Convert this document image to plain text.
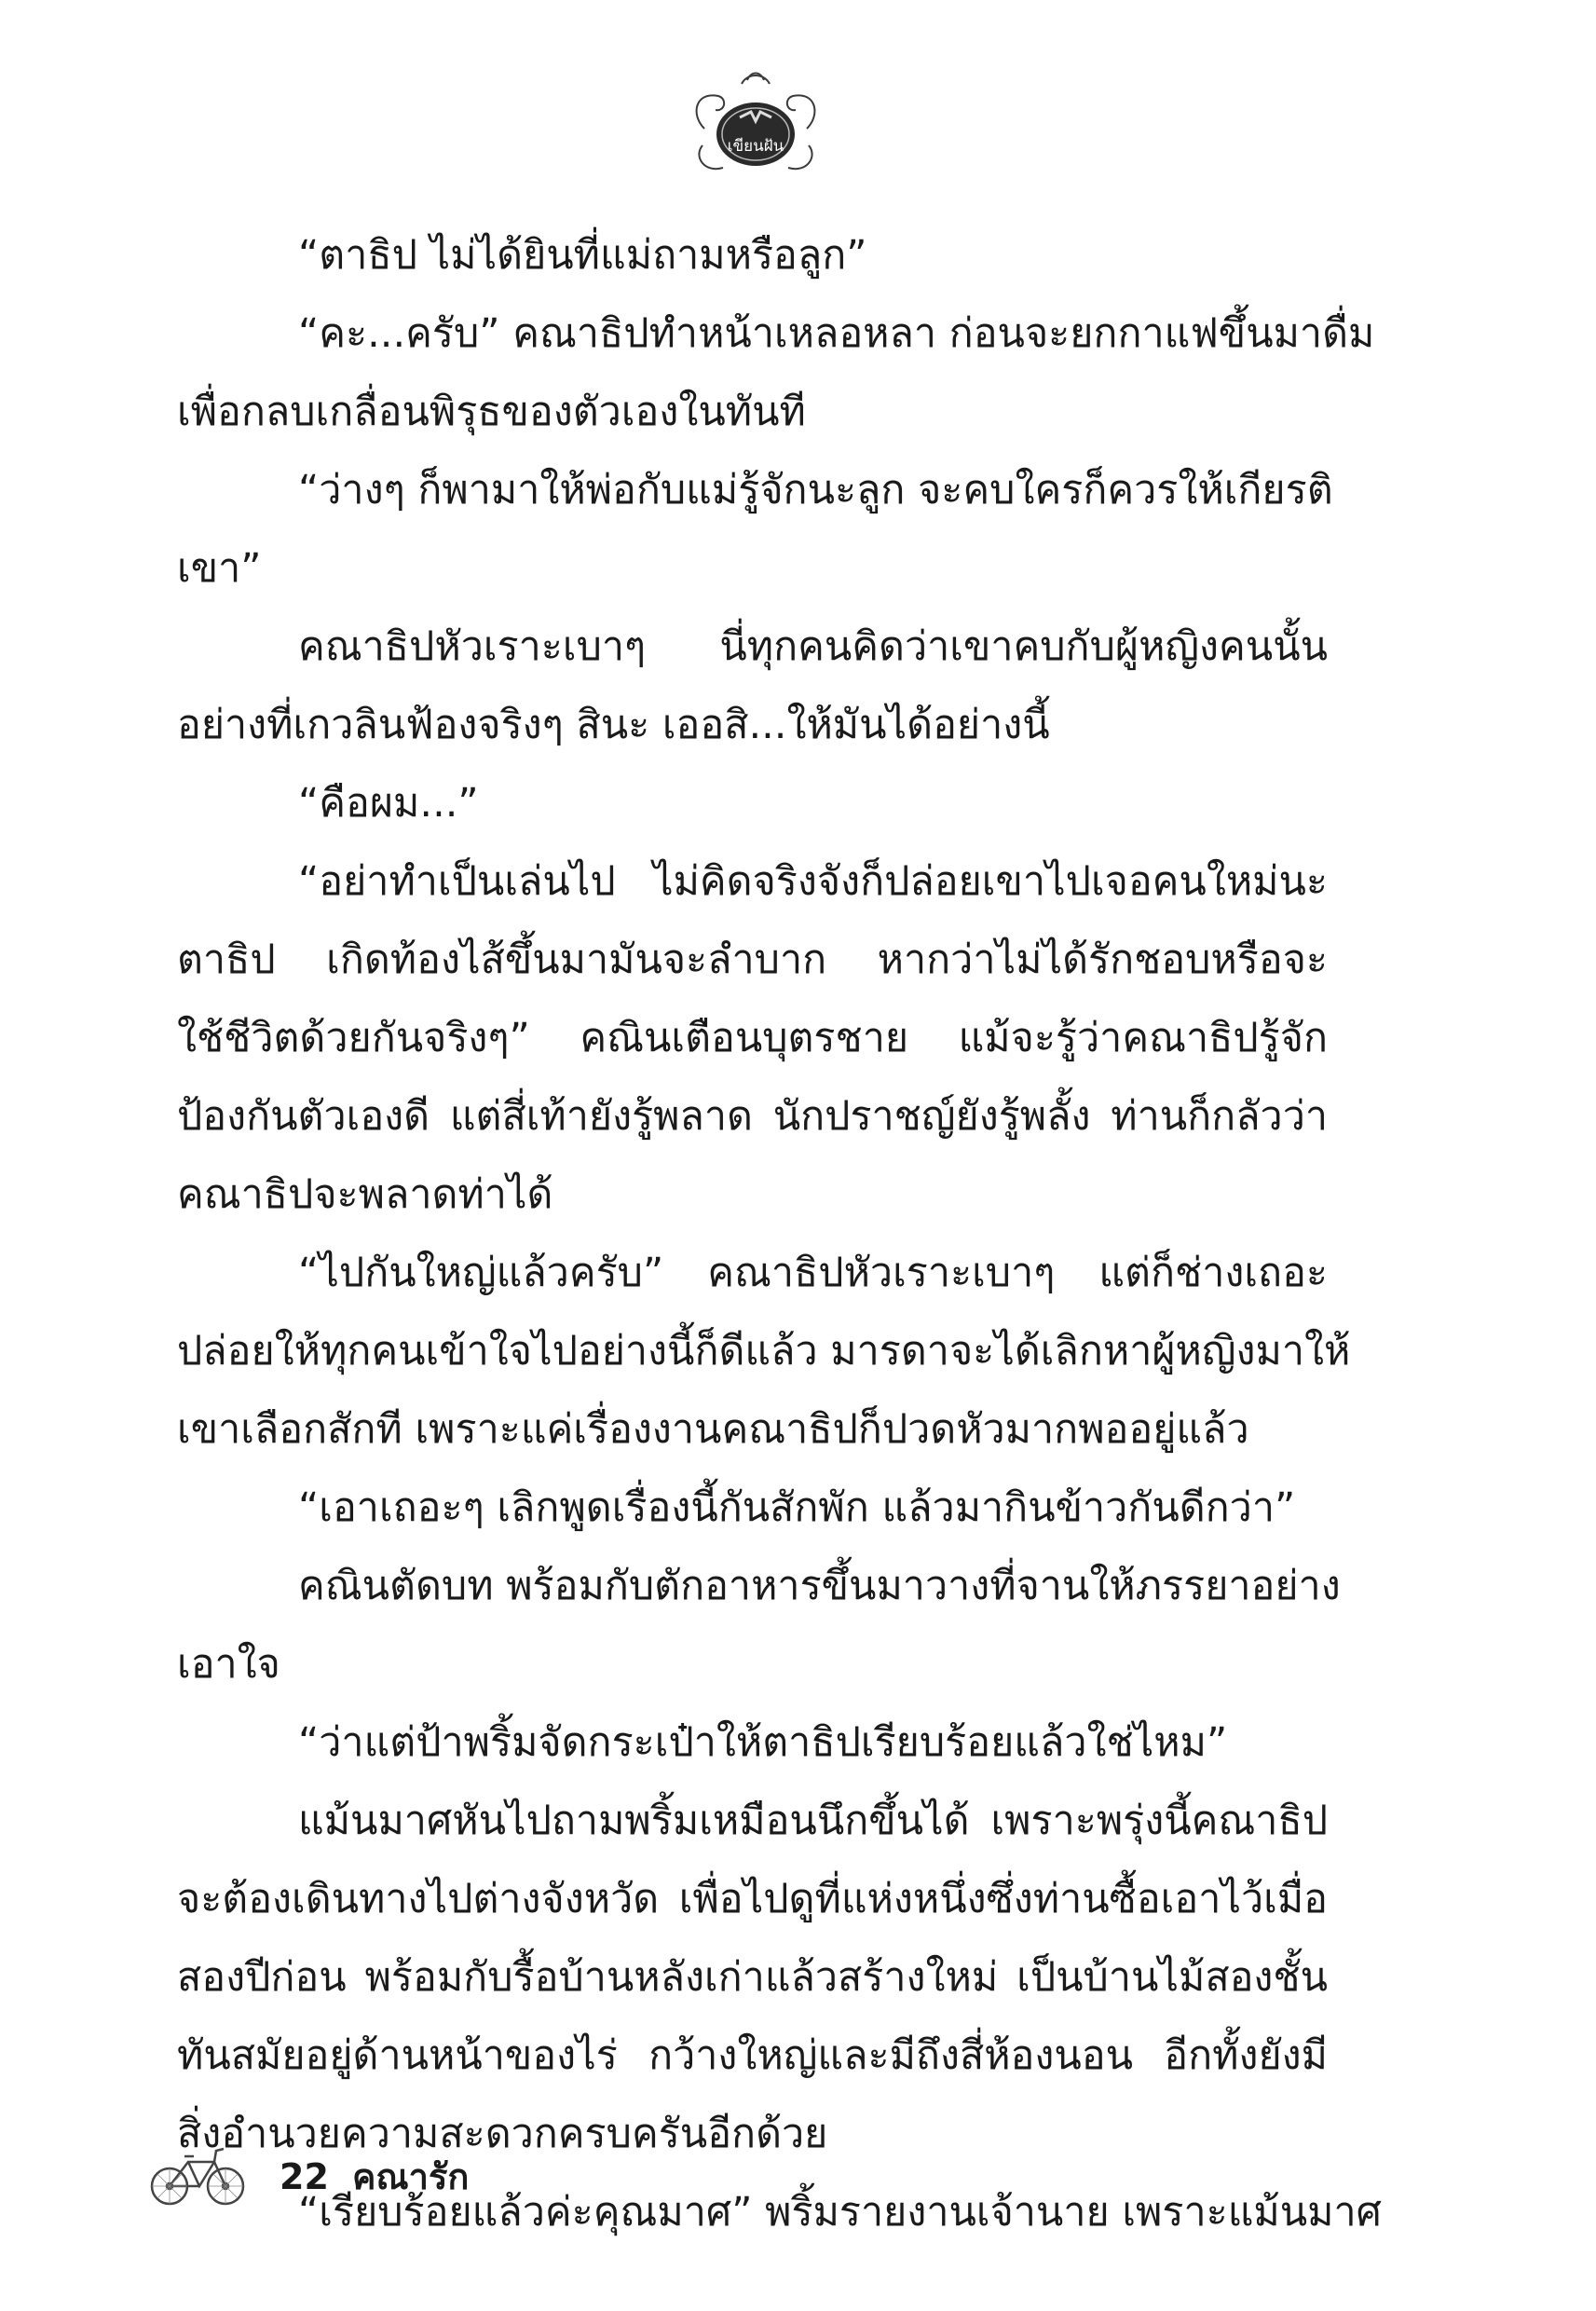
เขียนฝัน
“ตาธิป ไม่ได้ยินที่แม่ถามหรือลูก”
“คะ...ครับ” คณาธิปทำหน้าเหลอหลา ก่อนจะยกกาแฟขึ้นมาดื่ม
เพื่อกลบเกลื่อนพิรุธของตัวเองในทันที
“ว่างๆ ก็พามาให้พ่อกับแม่รู้จักนะลูก จะคบใครก็ควรให้เกียรติ
เขา”
คณาธิปหัวเราะเบาๆ นี่ทุกคนคิดว่าเขาคบกับผู้หญิงคนนั้น
อย่างที่เกวลินฟ้องจริงๆ สินะ เออสิ...ให้มันได้อย่างนี้
“คือผม...”
“อย่าทำเป็นเล่นไป ไม่คิดจริงจังก็ปล่อยเขาไปเจอคนใหม่นะ
ตาธิป เกิดท้องไส้ขึ้นมามันจะลำบาก หากว่าไม่ได้รักชอบหรือจะ
ใช้ชีวิตด้วยกันจริงๆ” คณินเตือนบุตรชาย แม้จะรู้ว่าคณาธิปรู้จัก
ป้องกันตัวเองดี แต่สี่เท้ายังรู้พลาด นักปราชญ์ยังรู้พลั้ง ท่านก็กลัวว่า
คณาธิปจะพลาดท่าได้
“ไปกันใหญ่แล้วครับ” คณาธิปหัวเราะเบาๆ แต่ก็ช่างเถอะ
ปล่อยให้ทุกคนเข้าใจไปอย่างนี้ก็ดีแล้ว มารดาจะได้เลิกหาผู้หญิงมาให้
เขาเลือกสักที เพราะแค่เรื่องงานคณาธิปก็ปวดหัวมากพออยู่แล้ว
“เอาเถอะๆ เลิกพูดเรื่องนี้กันสักพัก แล้วมากินข้าวกันดีกว่า”
คณินตัดบท พร้อมกับตักอาหารขึ้นมาวางที่จานให้ภรรยาอย่าง
เอาใจ
“ว่าแต่ป้าพริ้มจัดกระเป๋าให้ตาธิปเรียบร้อยแล้วใช่ไหม”
แม้นมาศหันไปถามพริ้มเหมือนนึกขึ้นได้ เพราะพรุ่งนี้คณาธิป
จะต้องเดินทางไปต่างจังหวัด เพื่อไปดูที่แห่งหนึ่งซึ่งท่านซื้อเอาไว้เมื่อ
สองปีก่อน พร้อมกับรื้อบ้านหลังเก่าแล้วสร้างใหม่ เป็นบ้านไม้สองชั้น
ทันสมัยอยู่ด้านหน้าของไร่ กว้างใหญ่และมีถึงสี่ห้องนอน อีกทั้งยังมี
สิ่งอำนวยความสะดวกครบครันอีกด้วย
“เรียบร้อยแล้วค่ะคุณมาศ” พริ้มรายงานเจ้านาย เพราะแม้นมาศ
22 คณารัก
